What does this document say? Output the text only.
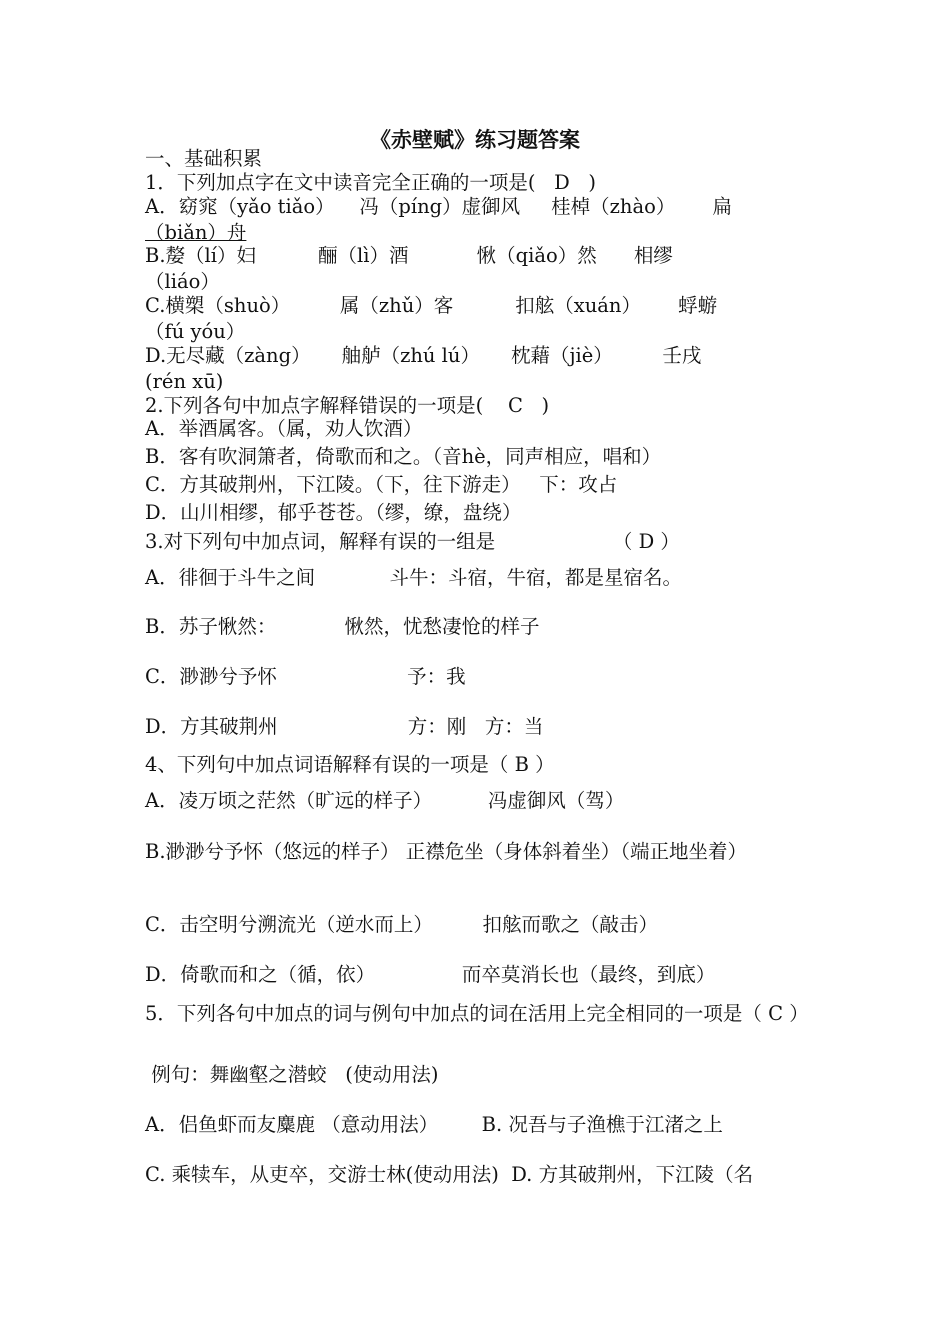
《赤壁赋》练习题答案
一、基础积累
1．下列加点字在文中读音完全正确的一项是(   D   )
A．窈窕（yǎo tiǎo）    冯（píng）虚御风     桂棹（zhào）      扁
（biǎn）舟
B.嫠（lí）妇          酾（lì）酒           愀（qiǎo）然      相缪
（liáo）
C.横槊（shuò）        属（zhǔ）客          扣舷（xuán）      蜉蝣
（fú yóu）
D.无尽藏（zàng）     舳舻（zhú lú）     枕藉（jiè）        壬戌
(rén xū)
2.下列各句中加点字解释错误的一项是(    C   )
A．举酒属客。（属，劝人饮酒）
B．客有吹洞箫者，倚歌而和之。（音hè，同声相应，唱和）
C．方其破荆州，下江陵。（下，往下游走）   下：攻占
D．山川相缪，郁乎苍苍。（缪，缭，盘绕）
3.对下列句中加点词，解释有误的一组是                   （ D ）
A．徘徊于斗牛之间            斗牛：斗宿，牛宿，都是星宿名。
B．苏子愀然：           愀然，忧愁凄怆的样子
C．渺渺兮予怀                     予：我
D．方其破荆州                     方：刚   方：当
4、下列句中加点词语解释有误的一项是（ B ）
A．凌万顷之茫然（旷远的样子）         冯虚御风（驾）
B.渺渺兮予怀（悠远的样子） 正襟危坐（身体斜着坐）（端正地坐着）
C．击空明兮溯流光（逆水而上）        扣舷而歌之（敲击）
D．倚歌而和之（循，依）              而卒莫消长也（最终，到底）
5．下列各句中加点的词与例句中加点的词在活用上完全相同的一项是（ C ）
例句：舞幽壑之潜蛟   (使动用法)
A．侣鱼虾而友麋鹿 （意动用法）       B. 况吾与子渔樵于江渚之上
C. 乘犊车，从吏卒，交游士林(使动用法)  D. 方其破荆州，下江陵（名
